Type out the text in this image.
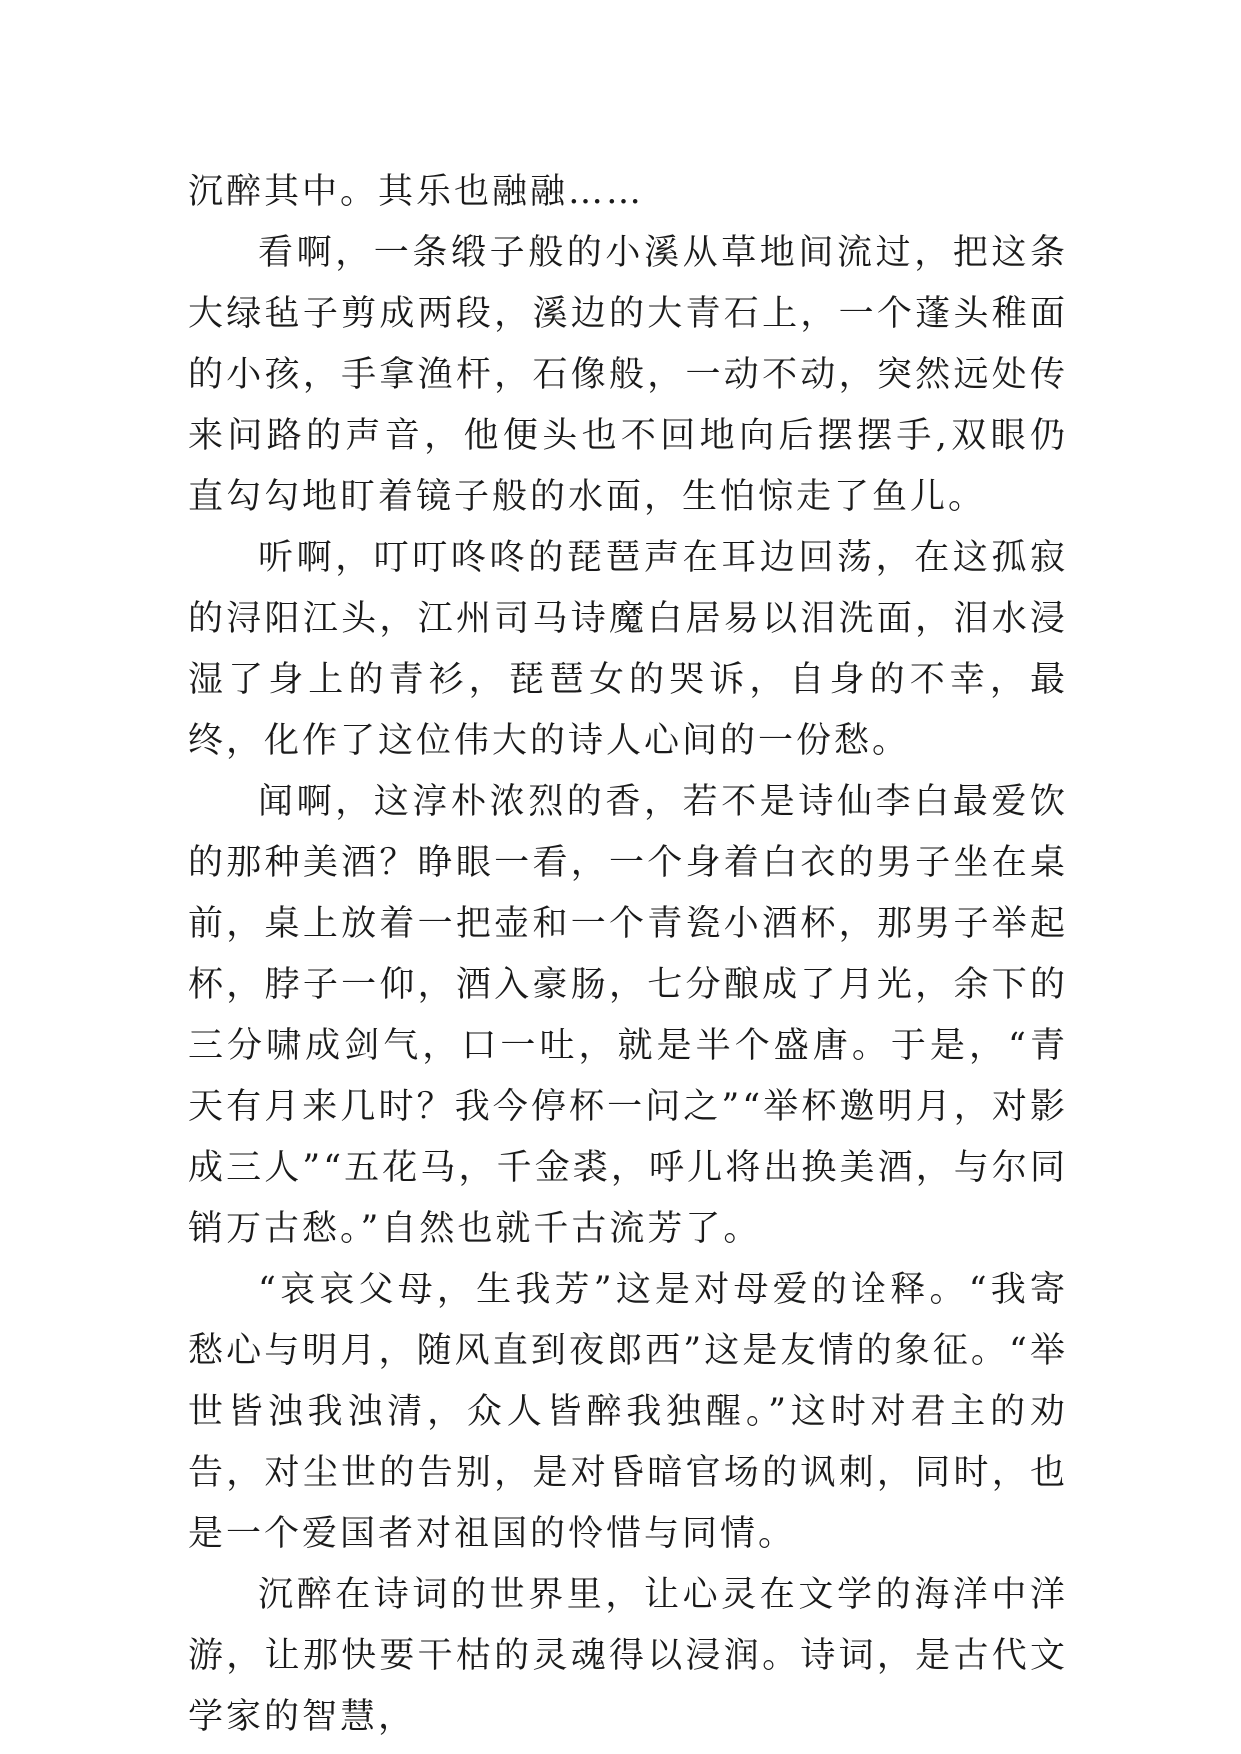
沉醉其中。其乐也融融……

看啊，一条缎子般的小溪从草地间流过，把这条大绿毡子剪成两段，溪边的大青石上，一个蓬头稚面的小孩，手拿渔杆，石像般，一动不动，突然远处传来问路的声音，他便头也不回地向后摆摆手,双眼仍直勾勾地盯着镜子般的水面，生怕惊走了鱼儿。

听啊，叮叮咚咚的琵琶声在耳边回荡，在这孤寂的浔阳江头，江州司马诗魔白居易以泪洗面，泪水浸湿了身上的青衫，琵琶女的哭诉，自身的不幸，最终，化作了这位伟大的诗人心间的一份愁。

闻啊，这淳朴浓烈的香，若不是诗仙李白最爱饮的那种美酒？睁眼一看，一个身着白衣的男子坐在桌前，桌上放着一把壶和一个青瓷小酒杯，那男子举起杯，脖子一仰，酒入豪肠，七分酿成了月光，余下的三分啸成剑气，口一吐，就是半个盛唐。于是，“青天有月来几时？我今停杯一问之”“举杯邀明月，对影成三人”“五花马，千金裘，呼儿将出换美酒，与尔同销万古愁。”自然也就千古流芳了。

“哀哀父母，生我芳”这是对母爱的诠释。“我寄愁心与明月，随风直到夜郎西”这是友情的象征。“举世皆浊我浊清，众人皆醉我独醒。”这时对君主的劝告，对尘世的告别，是对昏暗官场的讽刺，同时，也是一个爱国者对祖国的怜惜与同情。

沉醉在诗词的世界里，让心灵在文学的海洋中洋游，让那快要干枯的灵魂得以浸润。诗词，是古代文学家的智慧，
